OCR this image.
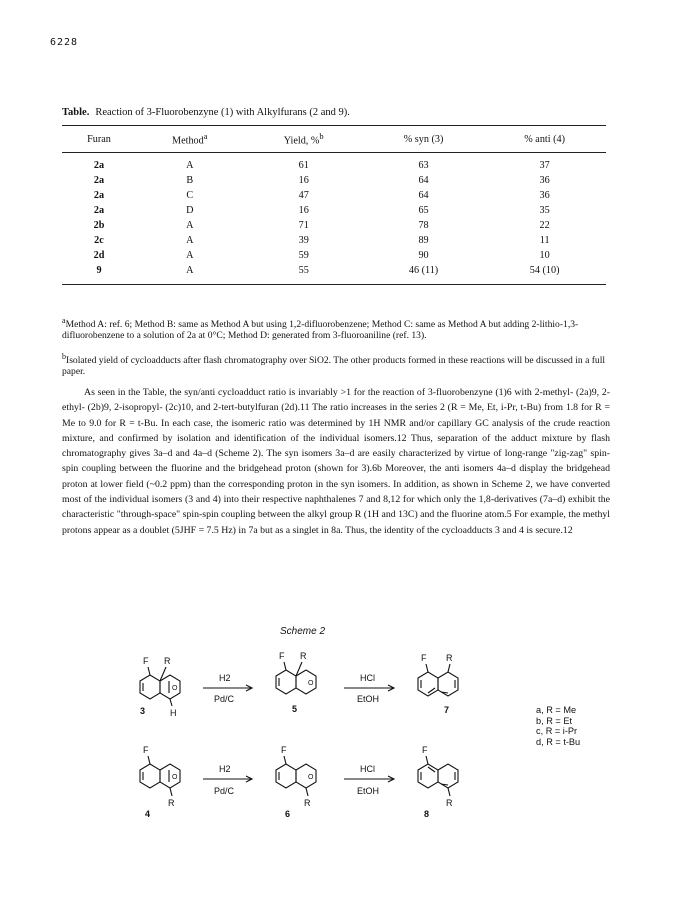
6228
Table. Reaction of 3-Fluorobenzyne (1) with Alkylfurans (2 and 9).
Furan	Method$^a$	Yield, %$^b$	% syn (3)	% anti (4)
2a	A	61	63	37
2a	B	16	64	36
2a	C	47	64	36
2a	D	16	65	35
2b	A	71	78	22
2c	A	39	89	11
2d	A	59	90	10
9	A	55	46 (11)	54 (10)
$^a$Method A: ref. 6; Method B: same as Method A but using 1,2-difluorobenzene; Method C: same as Method A but adding 2-lithio-1,3-difluorobenzene to a solution of 2a at 0°C; Method D: generated from 3-fluoroaniline (ref. 13).
$^b$Isolated yield of cycloadducts after flash chromatography over SiO2. The other products formed in these reactions will be discussed in a full paper.

As seen in the Table, the syn/anti cycloadduct ratio is invariably >1 for the reaction of 3-fluorobenzyne (1)6 with 2-methyl- (2a)9, 2-ethyl- (2b)9, 2-isopropyl- (2c)10, and 2-tert-butylfuran (2d).11 The ratio increases in the series 2 (R = Me, Et, i-Pr, t-Bu) from 1.8 for R = Me to 9.0 for R = t-Bu. In each case, the isomeric ratio was determined by 1H NMR and/or capillary GC analysis of the crude reaction mixture, and confirmed by isolation and identification of the individual isomers.12 Thus, separation of the adduct mixture by flash chromatography gives 3a–d and 4a–d (Scheme 2). The syn isomers 3a–d are easily characterized by virtue of long-range "zig-zag" spin-spin coupling between the fluorine and the bridgehead proton (shown for 3).6b Moreover, the anti isomers 4a–d display the bridgehead proton at lower field (~0.2 ppm) than the corresponding proton in the syn isomers. In addition, as shown in Scheme 2, we have converted most of the individual isomers (3 and 4) into their respective naphthalenes 7 and 8,12 for which only the 1,8-derivatives (7a–d) exhibit the characteristic "through-space" spin-spin coupling between the alkyl group R (1H and 13C) and the fluorine atom.5 For example, the methyl protons appear as a doublet (5JHF = 7.5 Hz) in 7a but as a singlet in 8a. Thus, the identity of the cycloadducts 3 and 4 is secure.12

Scheme 2
F R
O
H
3
H2
Pd/C
F R
O
5
HCl
EtOH
F R
7
F
O
R
4
H2
Pd/C
F
O
R
6
HCl
EtOH
F
R
8
a, R = Me
b, R = Et
c, R = i-Pr
d, R = t-Bu
